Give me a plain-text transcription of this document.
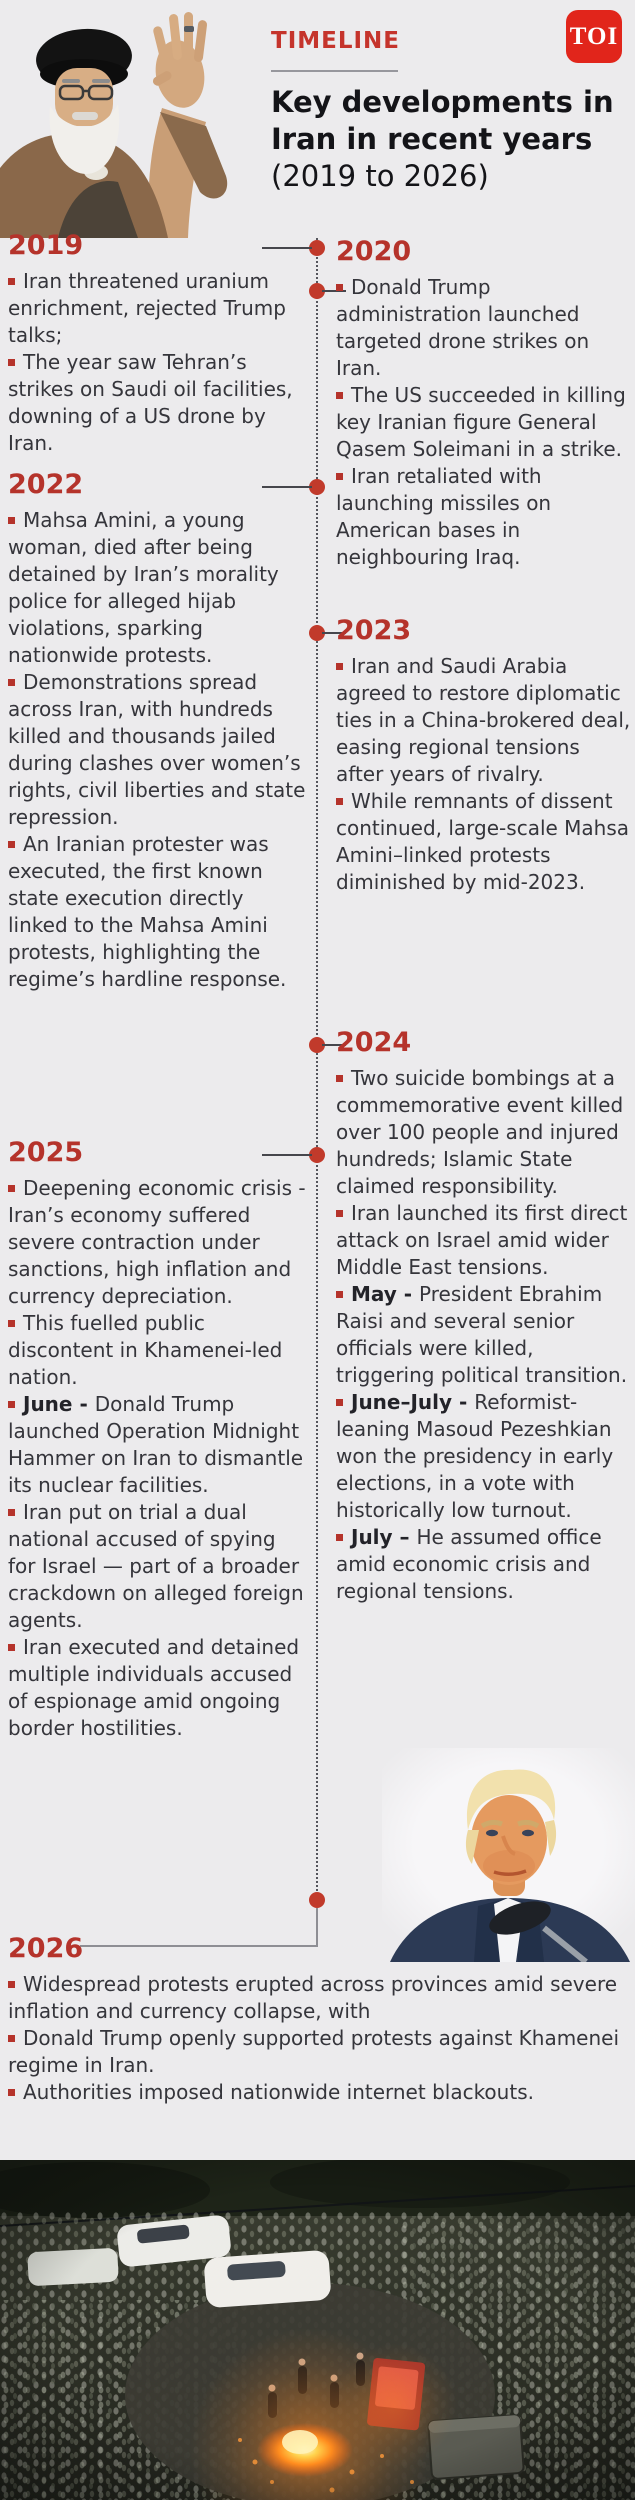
TIMELINE	TOI
Key developments in Iran in recent years (2019 to 2026)
2019

Iran threatened uranium enrichment, rejected Trump talks;

The year saw Tehran’s strikes on Saudi oil facilities, downing of a US drone by Iran.

2020

Donald Trump administration launched targeted drone strikes on Iran.

The US succeeded in killing key Iranian figure General Qasem Soleimani in a strike.

Iran retaliated with launching missiles on American bases in neighbouring Iraq.

2022

Mahsa Amini, a young woman, died after being detained by Iran’s morality police for alleged hijab violations, sparking nationwide protests.

Demonstrations spread across Iran, with hundreds killed and thousands jailed during clashes over women’s rights, civil liberties and state repression.

An Iranian protester was executed, the first known state execution directly linked to the Mahsa Amini protests, highlighting the regime’s hardline response.

2023

Iran and Saudi Arabia agreed to restore diplomatic ties in a China-brokered deal, easing regional tensions after years of rivalry.

While remnants of dissent continued, large-scale Mahsa Amini–linked protests diminished by mid-2023.

2024

Two suicide bombings at a commemorative event killed over 100 people and injured hundreds; Islamic State claimed responsibility.

Iran launched its first direct attack on Israel amid wider Middle East tensions.

May - President Ebrahim Raisi and several senior officials were killed, triggering political transition.

June–July - Reformist-leaning Masoud Pezeshkian won the presidency in early elections, in a vote with historically low turnout.

July – He assumed office amid economic crisis and regional tensions.

2025

Deepening economic crisis - Iran’s economy suffered severe contraction under sanctions, high inflation and currency depreciation.

This fuelled public discontent in Khamenei-led nation.

June - Donald Trump launched Operation Midnight Hammer on Iran to dismantle its nuclear facilities.

Iran put on trial a dual national accused of spying for Israel — part of a broader crackdown on alleged foreign agents.

Iran executed and detained multiple individuals accused of espionage amid ongoing border hostilities.

2026

Widespread protests erupted across provinces amid severe inflation and currency collapse, with

Donald Trump openly supported protests against Khamenei regime in Iran.

Authorities imposed nationwide internet blackouts.
